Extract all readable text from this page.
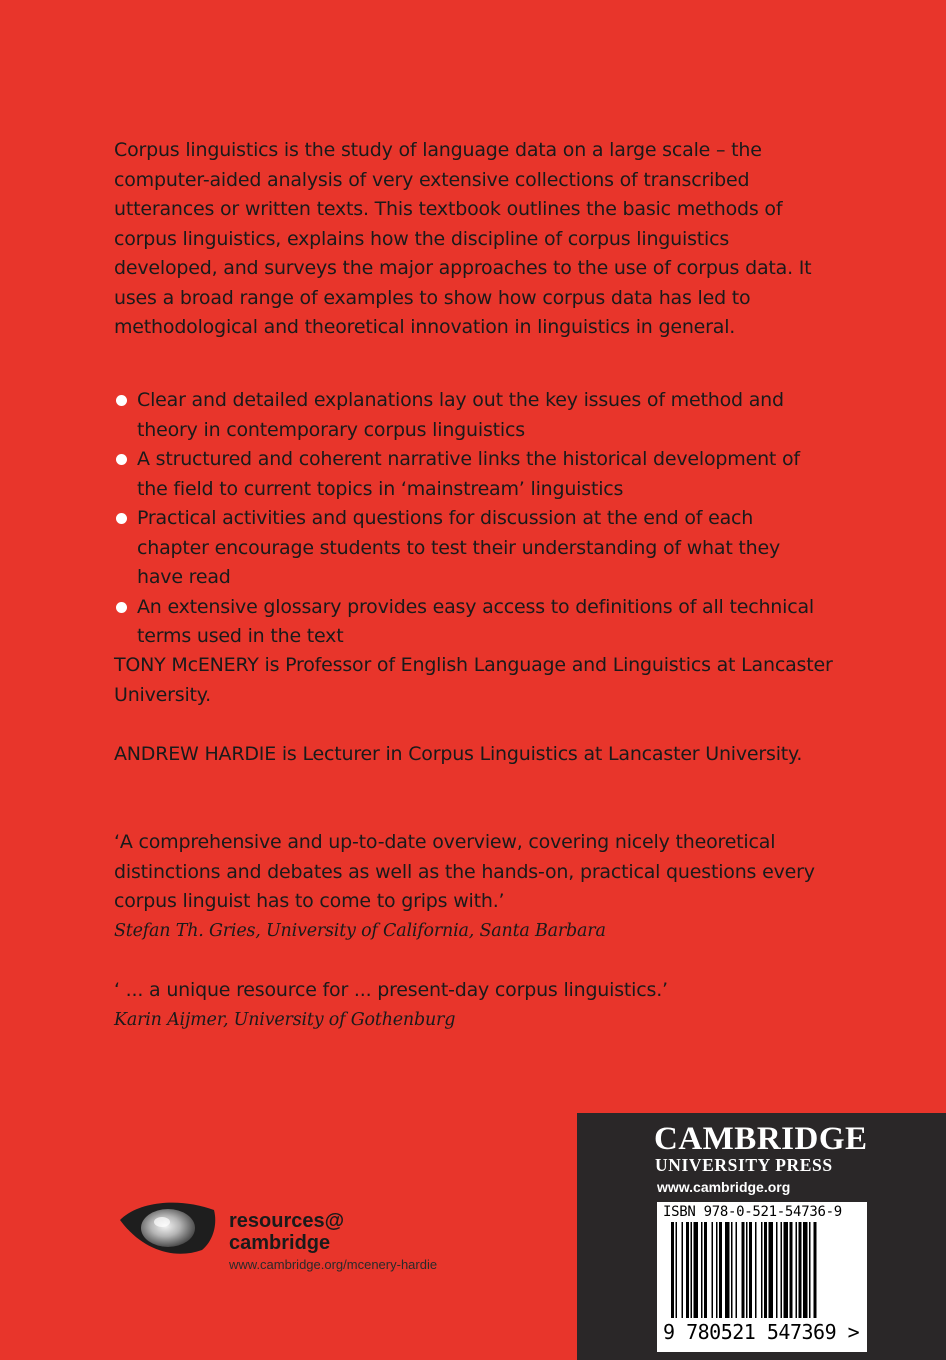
Corpus linguistics is the study of language data on a large scale – the computer-aided analysis of very extensive collections of transcribed utterances or written texts. This textbook outlines the basic methods of corpus linguistics, explains how the discipline of corpus linguistics developed, and surveys the major approaches to the use of corpus data. It uses a broad range of examples to show how corpus data has led to methodological and theoretical innovation in linguistics in general.

Clear and detailed explanations lay out the key issues of method and theory in contemporary corpus linguistics
A structured and coherent narrative links the historical development of the field to current topics in ‘mainstream’ linguistics
Practical activities and questions for discussion at the end of each chapter encourage students to test their understanding of what they have read
An extensive glossary provides easy access to definitions of all technical terms used in the text

TONY McENERY is Professor of English Language and Linguistics at Lancaster University.

ANDREW HARDIE is Lecturer in Corpus Linguistics at Lancaster University.

‘A comprehensive and up-to-date overview, covering nicely theoretical distinctions and debates as well as the hands-on, practical questions every corpus linguist has to come to grips with.’
Stefan Th. Gries, University of California, Santa Barbara
‘ ... a unique resource for ... present-day corpus linguistics.’
Karin Aijmer, University of Gothenburg
resources@
cambridge
www.cambridge.org/mcenery-hardie
CAMBRIDGE
UNIVERSITY PRESS
www.cambridge.org
ISBN 978-0-521-54736-9
9 780521 547369 >
